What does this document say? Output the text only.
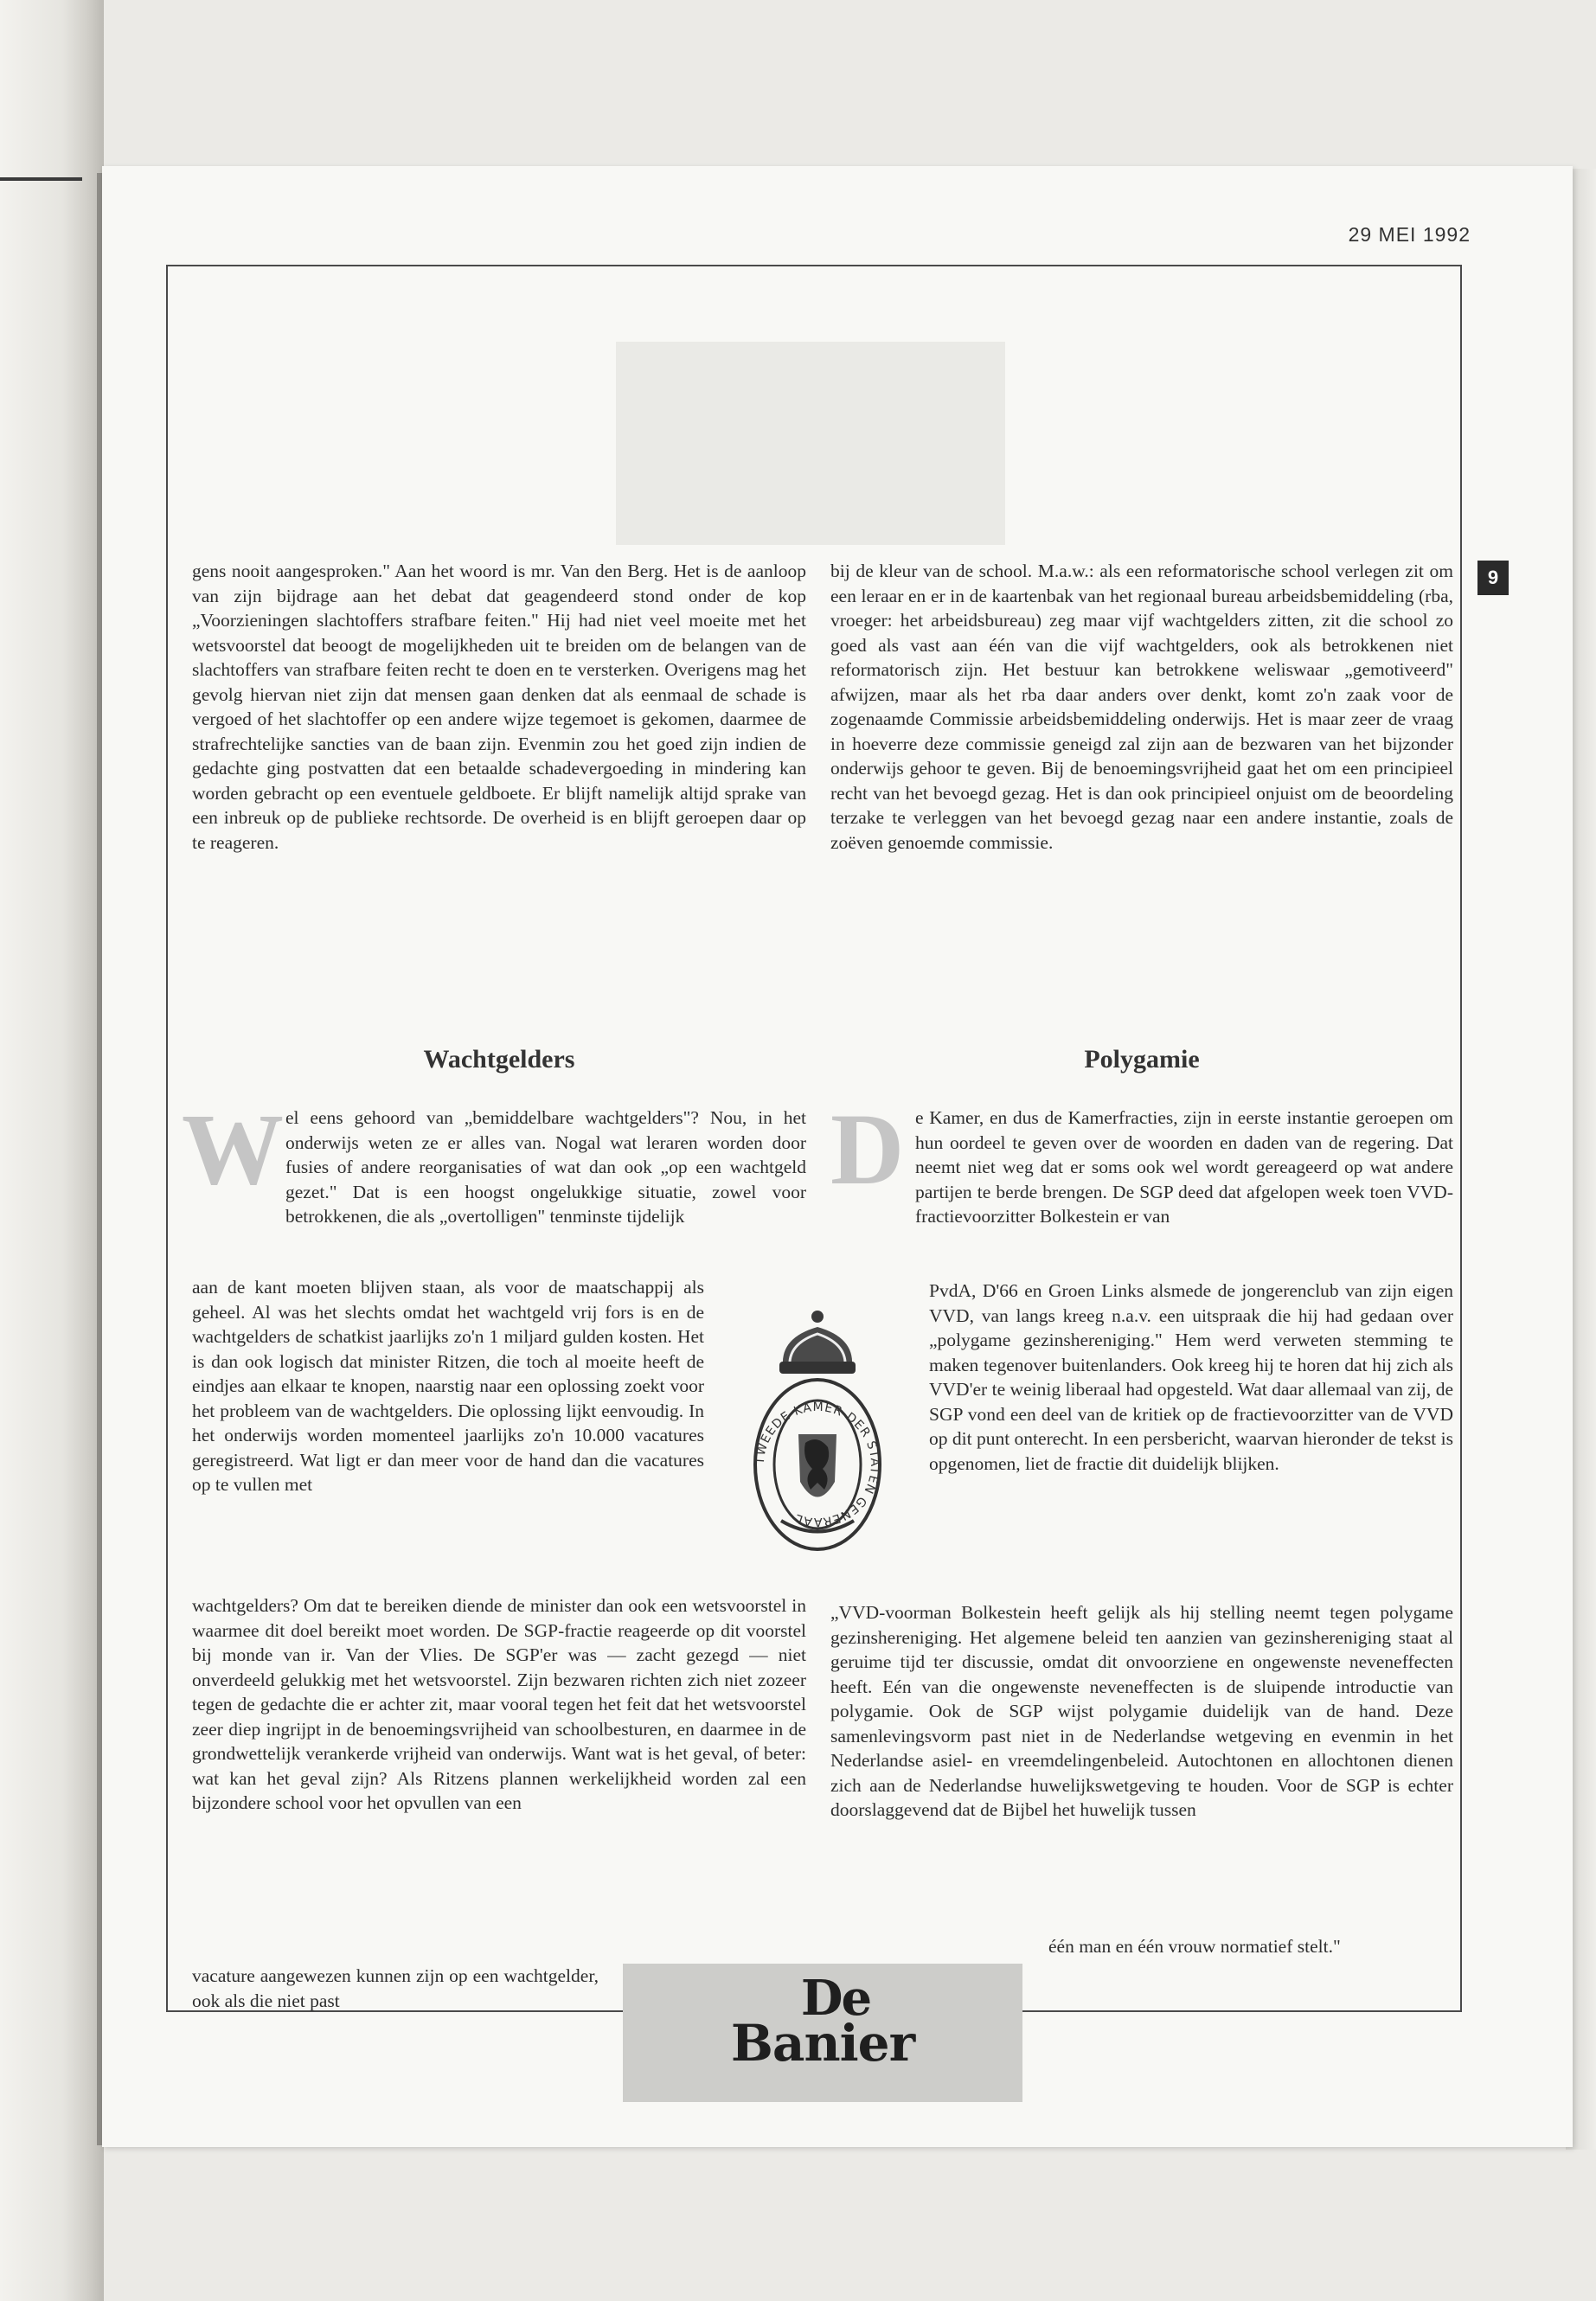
29 MEI 1992
9
gens nooit aangesproken." Aan het woord is mr. Van den Berg. Het is de aanloop van zijn bijdrage aan het debat dat geagendeerd stond onder de kop „Voorzieningen slachtoffers strafbare feiten." Hij had niet veel moeite met het wetsvoorstel dat beoogt de mogelijkheden uit te breiden om de belangen van de slachtoffers van strafbare feiten recht te doen en te versterken. Overigens mag het gevolg hiervan niet zijn dat mensen gaan denken dat als eenmaal de schade is vergoed of het slachtoffer op een andere wijze tegemoet is gekomen, daarmee de strafrechtelijke sancties van de baan zijn. Evenmin zou het goed zijn indien de gedachte ging postvatten dat een betaalde schadevergoeding in mindering kan worden gebracht op een eventuele geldboete. Er blijft namelijk altijd sprake van een inbreuk op de publieke rechtsorde. De overheid is en blijft geroepen daar op te reageren.
Wachtgelders
W el eens gehoord van „bemiddelbare wachtgelders"? Nou, in het onderwijs weten ze er alles van. Nogal wat leraren worden door fusies of andere reorganisaties of wat dan ook „op een wachtgeld gezet." Dat is een hoogst ongelukkige situatie, zowel voor betrokkenen, die als „overtolligen" tenminste tijdelijk
aan de kant moeten blijven staan, als voor de maatschappij als geheel. Al was het slechts omdat het wachtgeld vrij fors is en de wachtgelders de schatkist jaarlijks zo'n 1 miljard gulden kosten. Het is dan ook logisch dat minister Ritzen, die toch al moeite heeft de eindjes aan elkaar te knopen, naarstig naar een oplossing zoekt voor het probleem van de wachtgelders. Die oplossing lijkt eenvoudig. In het onderwijs worden momenteel jaarlijks zo'n 10.000 vacatures geregistreerd. Wat ligt er dan meer voor de hand dan die vacatures op te vullen met
wachtgelders? Om dat te bereiken diende de minister dan ook een wetsvoorstel in waarmee dit doel bereikt moet worden. De SGP-fractie reageerde op dit voorstel bij monde van ir. Van der Vlies. De SGP'er was — zacht gezegd — niet onverdeeld gelukkig met het wetsvoorstel. Zijn bezwaren richten zich niet zozeer tegen de gedachte die er achter zit, maar vooral tegen het feit dat het wetsvoorstel zeer diep ingrijpt in de benoemingsvrijheid van schoolbesturen, en daarmee in de grondwettelijk verankerde vrijheid van onderwijs. Want wat is het geval, of beter: wat kan het geval zijn? Als Ritzens plannen werkelijkheid worden zal een bijzondere school voor het opvullen van een
vacature aangewezen kunnen zijn op een wachtgelder, ook als die niet past
TWEEDE KAMER DER STATEN GENERAAL
bij de kleur van de school. M.a.w.: als een reformatorische school verlegen zit om een leraar en er in de kaartenbak van het regionaal bureau arbeidsbemiddeling (rba, vroeger: het arbeidsbureau) zeg maar vijf wachtgelders zitten, zit die school zo goed als vast aan één van die vijf wachtgelders, ook als betrokkenen niet reformatorisch zijn. Het bestuur kan betrokkene weliswaar „gemotiveerd" afwijzen, maar als het rba daar anders over denkt, komt zo'n zaak voor de zogenaamde Commissie arbeidsbemiddeling onderwijs. Het is maar zeer de vraag in hoeverre deze commissie geneigd zal zijn aan de bezwaren van het bijzonder onderwijs gehoor te geven. Bij de benoemingsvrijheid gaat het om een principieel recht van het bevoegd gezag. Het is dan ook principieel onjuist om de beoordeling terzake te verleggen van het bevoegd gezag naar een andere instantie, zoals de zoëven genoemde commissie.
Polygamie
D e Kamer, en dus de Kamerfracties, zijn in eerste instantie geroepen om hun oordeel te geven over de woorden en daden van de regering. Dat neemt niet weg dat er soms ook wel wordt gereageerd op wat andere partijen te berde brengen. De SGP deed dat afgelopen week toen VVD-fractievoorzitter Bolkestein er van
PvdA, D'66 en Groen Links alsmede de jongerenclub van zijn eigen VVD, van langs kreeg n.a.v. een uitspraak die hij had gedaan over „polygame gezinshereniging." Hem werd verweten stemming te maken tegenover buitenlanders. Ook kreeg hij te horen dat hij zich als VVD'er te weinig liberaal had opgesteld. Wat daar allemaal van zij, de SGP vond een deel van de kritiek op de fractievoorzitter van de VVD op dit punt onterecht. In een persbericht, waarvan hieronder de tekst is opgenomen, liet de fractie dit duidelijk blijken.
„VVD-voorman Bolkestein heeft gelijk als hij stelling neemt tegen polygame gezinshereniging. Het algemene beleid ten aanzien van gezinshereniging staat al geruime tijd ter discussie, omdat dit onvoorziene en ongewenste neveneffecten heeft. Eén van die ongewenste neveneffecten is de sluipende introductie van polygamie. Ook de SGP wijst polygamie duidelijk van de hand. Deze samenlevingsvorm past niet in de Nederlandse wetgeving en evenmin in het Nederlandse asiel- en vreemdelingenbeleid. Autochtonen en allochtonen dienen zich aan de Nederlandse huwelijkswetgeving te houden. Voor de SGP is echter doorslaggevend dat de Bijbel het huwelijk tussen
één man en één vrouw normatief stelt."
De
Banier
